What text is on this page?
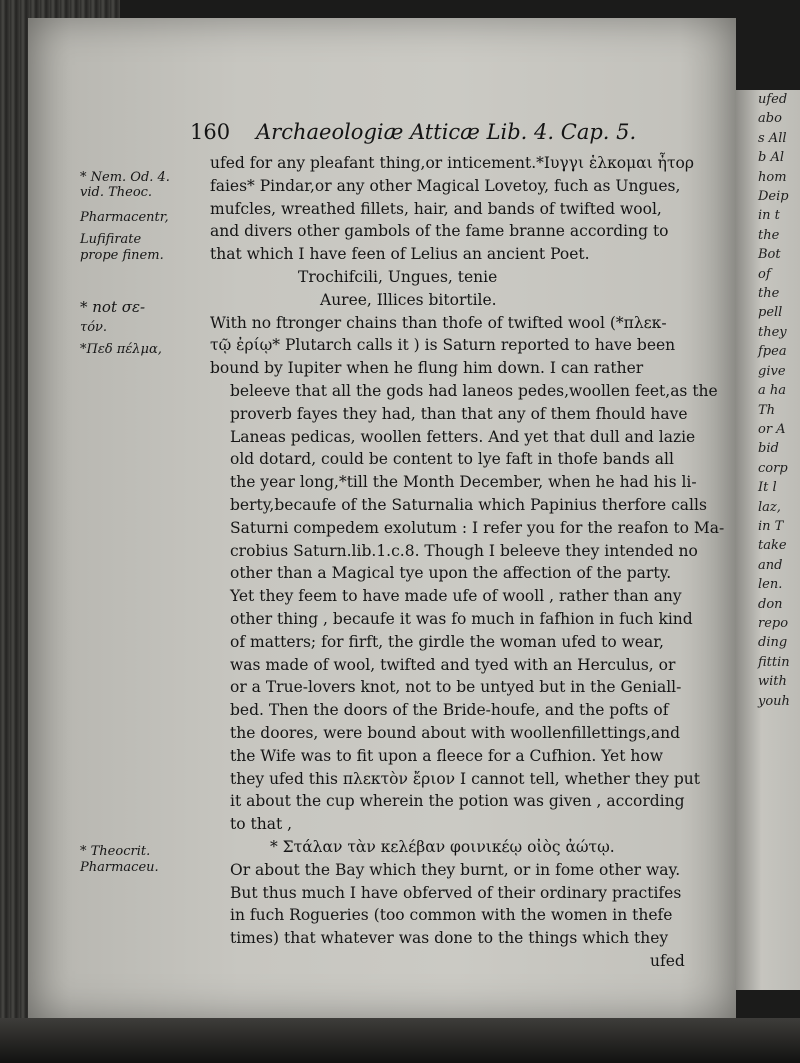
ufed
abo
s All
b Al
hom
Deip
in t
the
Bot
of
the
pell
they
fpea
give
a ha
Th
or A
bid
corp
It l
laz,
in T
take
and
len.
don
repo
ding
fittin
with
youh
160 Archaeologiæ Atticæ Lib. 4. Cap. 5.
* Nem. Od. 4.
vid. Theoc.
Pharmacentr,
Lufifirate
prope finem.
* not σε-
τόν.
*Πεδ πέλμα,
* Theocrit.
Pharmaceu.

ufed for any pleafant thing,or inticement.*Ιυγγι ἑλκομαι ἦτορ

faies* Pindar,or any other Magical Lovetoy, fuch as Ungues,

mufcles, wreathed fillets, hair, and bands of twifted wool,

and divers other gambols of the fame branne according to

that which I have feen of Lelius an ancient Poet.

Trochifcili, Ungues, tenie

Auree, Illices bitortile.

With no ftronger chains than thofe of twifted wool (*πλεκ-

τῷ ἐρίῳ* Plutarch calls it ) is Saturn reported to have been

bound by Iupiter when he flung him down. I can rather

beleeve that all the gods had laneos pedes,woollen feet,as the

proverb fayes they had, than that any of them fhould have

Laneas pedicas, woollen fetters. And yet that dull and lazie

old dotard, could be content to lye faft in thofe bands all

the year long,*till the Month December, when he had his li-

berty,becaufe of the Saturnalia which Papinius therfore calls

Saturni compedem exolutum : I refer you for the reafon to Ma-

crobius Saturn.lib.1.c.8. Though I beleeve they intended no

other than a Magical tye upon the affection of the party.

Yet they feem to have made ufe of wooll , rather than any

other thing , becaufe it was fo much in fafhion in fuch kind

of matters; for firft, the girdle the woman ufed to wear,

was made of wool, twifted and tyed with an Herculus, or

or a True-lovers knot, not to be untyed but in the Geniall-

bed. Then the doors of the Bride-houfe, and the pofts of

the doores, were bound about with woollenfillettings,and

the Wife was to fit upon a fleece for a Cufhion. Yet how

they ufed this πλεκτὸν ἔριον I cannot tell, whether they put

it about the cup wherein the potion was given , according

to that ,

* Στάλαν τὰν κελέβαν φοινικέῳ οἰὸς ἀώτῳ.

Or about the Bay which they burnt, or in fome other way.

But thus much I have obferved of their ordinary practifes

in fuch Rogueries (too common with the women in thefe

times) that whatever was done to the things which they

ufed
